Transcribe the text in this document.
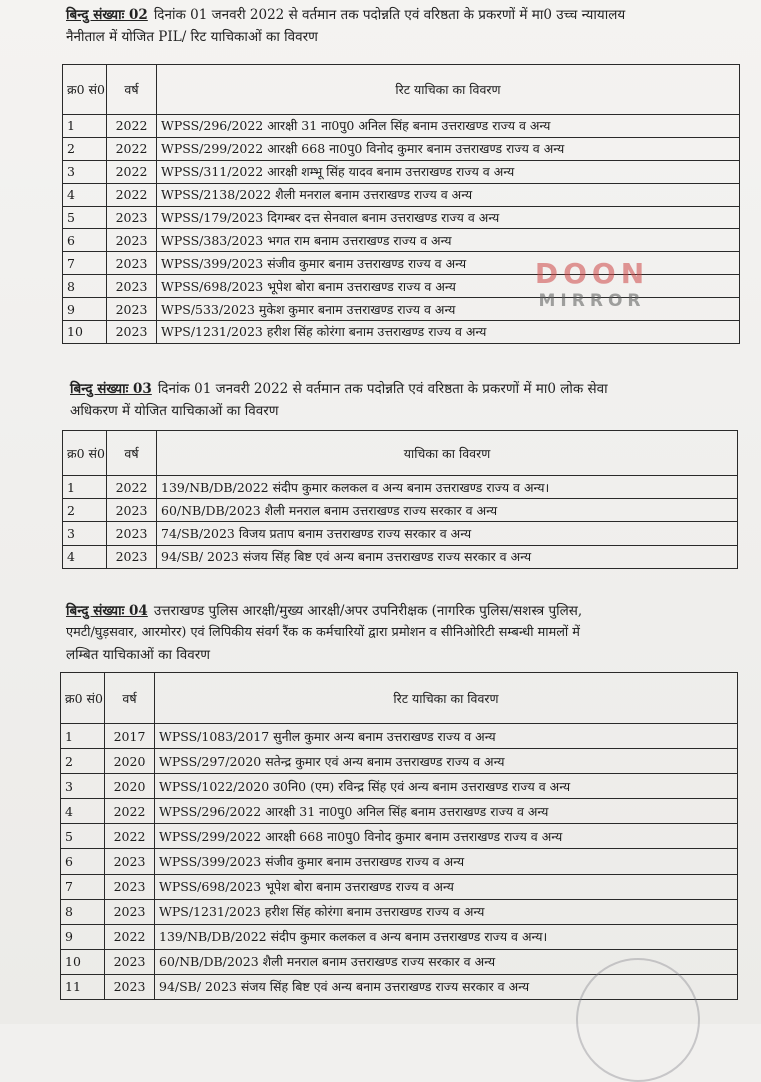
बिन्दु संख्याः 02 दिनांक 01 जनवरी 2022 से वर्तमान तक पदोन्नति एवं वरिष्ठता के प्रकरणों में मा0 उच्च न्यायालय
नैनीताल में योजित PIL/ रिट याचिकाओं का विवरण
क्र0 सं0	वर्ष	रिट याचिका का विवरण
1	2022	WPSS/296/2022 आरक्षी 31 ना0पु0 अनिल सिंह बनाम उत्तराखण्ड राज्य व अन्य
2	2022	WPSS/299/2022 आरक्षी 668 ना0पु0 विनोद कुमार बनाम उत्तराखण्ड राज्य व अन्य
3	2022	WPSS/311/2022 आरक्षी शम्भू सिंह यादव बनाम उत्तराखण्ड राज्य व अन्य
4	2022	WPSS/2138/2022 शैली मनराल बनाम उत्तराखण्ड राज्य व अन्य
5	2023	WPSS/179/2023 दिगम्बर दत्त सेनवाल बनाम उत्तराखण्ड राज्य व अन्य
6	2023	WPSS/383/2023 भगत राम बनाम उत्तराखण्ड राज्य व अन्य
7	2023	WPSS/399/2023 संजीव कुमार बनाम उत्तराखण्ड राज्य व अन्य
8	2023	WPSS/698/2023 भूपेश बोरा बनाम उत्तराखण्ड राज्य व अन्य
9	2023	WPS/533/2023 मुकेश कुमार बनाम उत्तराखण्ड राज्य व अन्य
10	2023	WPS/1231/2023 हरीश सिंह कोरंगा बनाम उत्तराखण्ड राज्य व अन्य
बिन्दु संख्याः 03 दिनांक 01 जनवरी 2022 से वर्तमान तक पदोन्नति एवं वरिष्ठता के प्रकरणों में मा0 लोक सेवा
अधिकरण में योजित याचिकाओं का विवरण
क्र0 सं0	वर्ष	याचिका का विवरण
1	2022	139/NB/DB/2022 संदीप कुमार कलकल व अन्य बनाम उत्तराखण्ड राज्य व अन्य।
2	2023	60/NB/DB/2023 शैली मनराल बनाम उत्तराखण्ड राज्य सरकार व अन्य
3	2023	74/SB/2023 विजय प्रताप बनाम उत्तराखण्ड राज्य सरकार व अन्य
4	2023	94/SB/ 2023 संजय सिंह बिष्ट एवं अन्य बनाम उत्तराखण्ड राज्य सरकार व अन्य
बिन्दु संख्याः 04 उत्तराखण्ड पुलिस आरक्षी/मुख्य आरक्षी/अपर उपनिरीक्षक (नागरिक पुलिस/सशस्त्र पुलिस,
एमटी/घुड़सवार, आरमोरर) एवं लिपिकीय संवर्ग रैंक क कर्मचारियों द्वारा प्रमोशन व सीनिओरिटी सम्बन्धी मामलों में
लम्बित याचिकाओं का विवरण
क्र0 सं0	वर्ष	रिट याचिका का विवरण
1	2017	WPSS/1083/2017 सुनील कुमार अन्य बनाम उत्तराखण्ड राज्य व अन्य
2	2020	WPSS/297/2020 सतेन्द्र कुमार एवं अन्य बनाम उत्तराखण्ड राज्य व अन्य
3	2020	WPSS/1022/2020 उ0नि0 (एम) रविन्द्र सिंह एवं अन्य बनाम उत्तराखण्ड राज्य व अन्य
4	2022	WPSS/296/2022 आरक्षी 31 ना0पु0 अनिल सिंह बनाम उत्तराखण्ड राज्य व अन्य
5	2022	WPSS/299/2022 आरक्षी 668 ना0पु0 विनोद कुमार बनाम उत्तराखण्ड राज्य व अन्य
6	2023	WPSS/399/2023 संजीव कुमार बनाम उत्तराखण्ड राज्य व अन्य
7	2023	WPSS/698/2023 भूपेश बोरा बनाम उत्तराखण्ड राज्य व अन्य
8	2023	WPS/1231/2023 हरीश सिंह कोरंगा बनाम उत्तराखण्ड राज्य व अन्य
9	2022	139/NB/DB/2022 संदीप कुमार कलकल व अन्य बनाम उत्तराखण्ड राज्य व अन्य।
10	2023	60/NB/DB/2023 शैली मनराल बनाम उत्तराखण्ड राज्य सरकार व अन्य
11	2023	94/SB/ 2023 संजय सिंह बिष्ट एवं अन्य बनाम उत्तराखण्ड राज्य सरकार व अन्य
DOON
MIRROR
